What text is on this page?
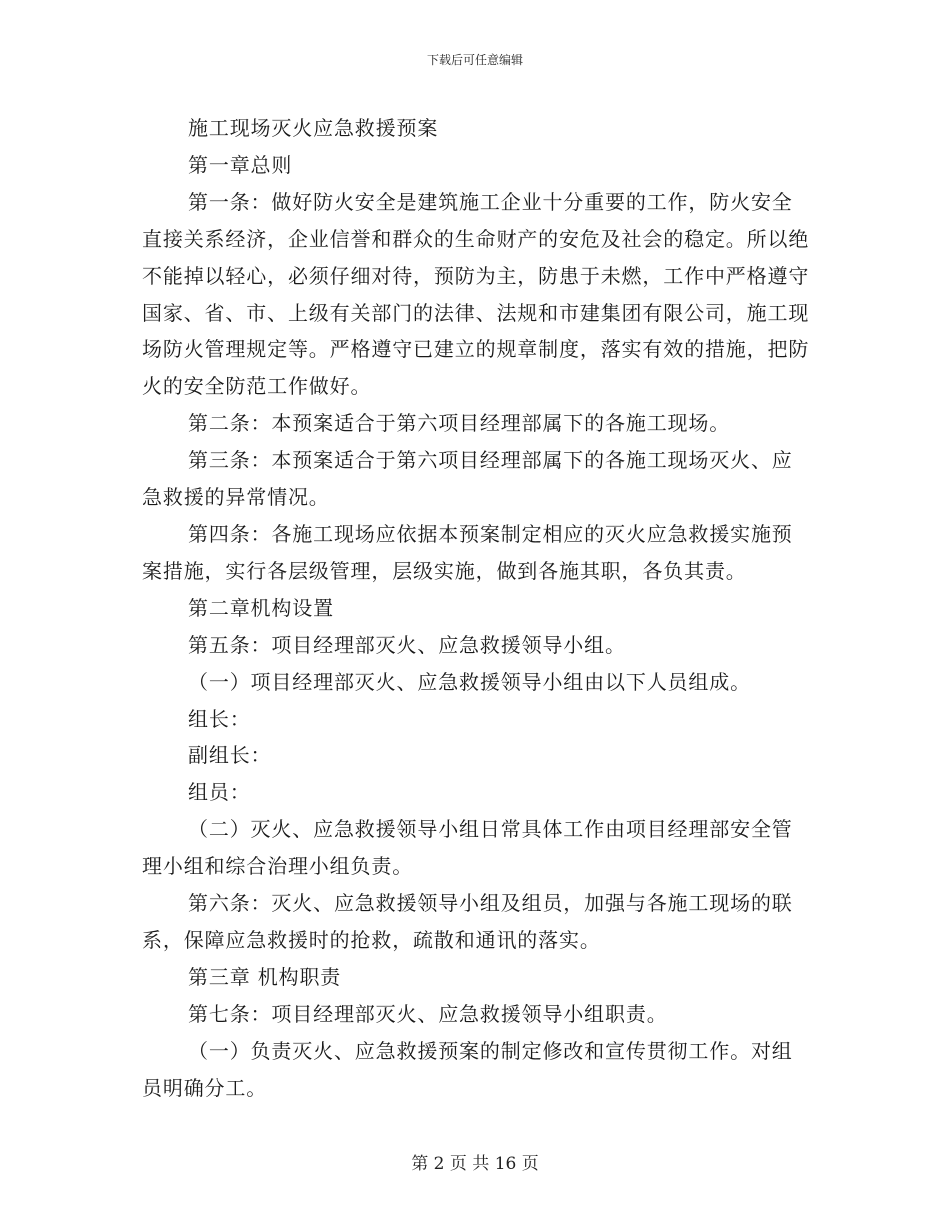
下载后可任意编辑

施工现场灭火应急救援预案

第一章总则

第一条：做好防火安全是建筑施工企业十分重要的工作，防火安全直接关系经济，企业信誉和群众的生命财产的安危及社会的稳定。所以绝不能掉以轻心，必须仔细对待，预防为主，防患于未燃，工作中严格遵守国家、省、市、上级有关部门的法律、法规和市建集团有限公司，施工现场防火管理规定等。严格遵守已建立的规章制度，落实有效的措施，把防火的安全防范工作做好。

第二条：本预案适合于第六项目经理部属下的各施工现场。

第三条：本预案适合于第六项目经理部属下的各施工现场灭火、应急救援的异常情况。

第四条：各施工现场应依据本预案制定相应的灭火应急救援实施预案措施，实行各层级管理，层级实施，做到各施其职，各负其责。

第二章机构设置

第五条：项目经理部灭火、应急救援领导小组。

（一）项目经理部灭火、应急救援领导小组由以下人员组成。

组长：

副组长：

组员：

（二）灭火、应急救援领导小组日常具体工作由项目经理部安全管理小组和综合治理小组负责。

第六条：灭火、应急救援领导小组及组员，加强与各施工现场的联系，保障应急救援时的抢救，疏散和通讯的落实。

第三章 机构职责

第七条：项目经理部灭火、应急救援领导小组职责。

（一）负责灭火、应急救援预案的制定修改和宣传贯彻工作。对组员明确分工。

第 2 页 共 16 页
